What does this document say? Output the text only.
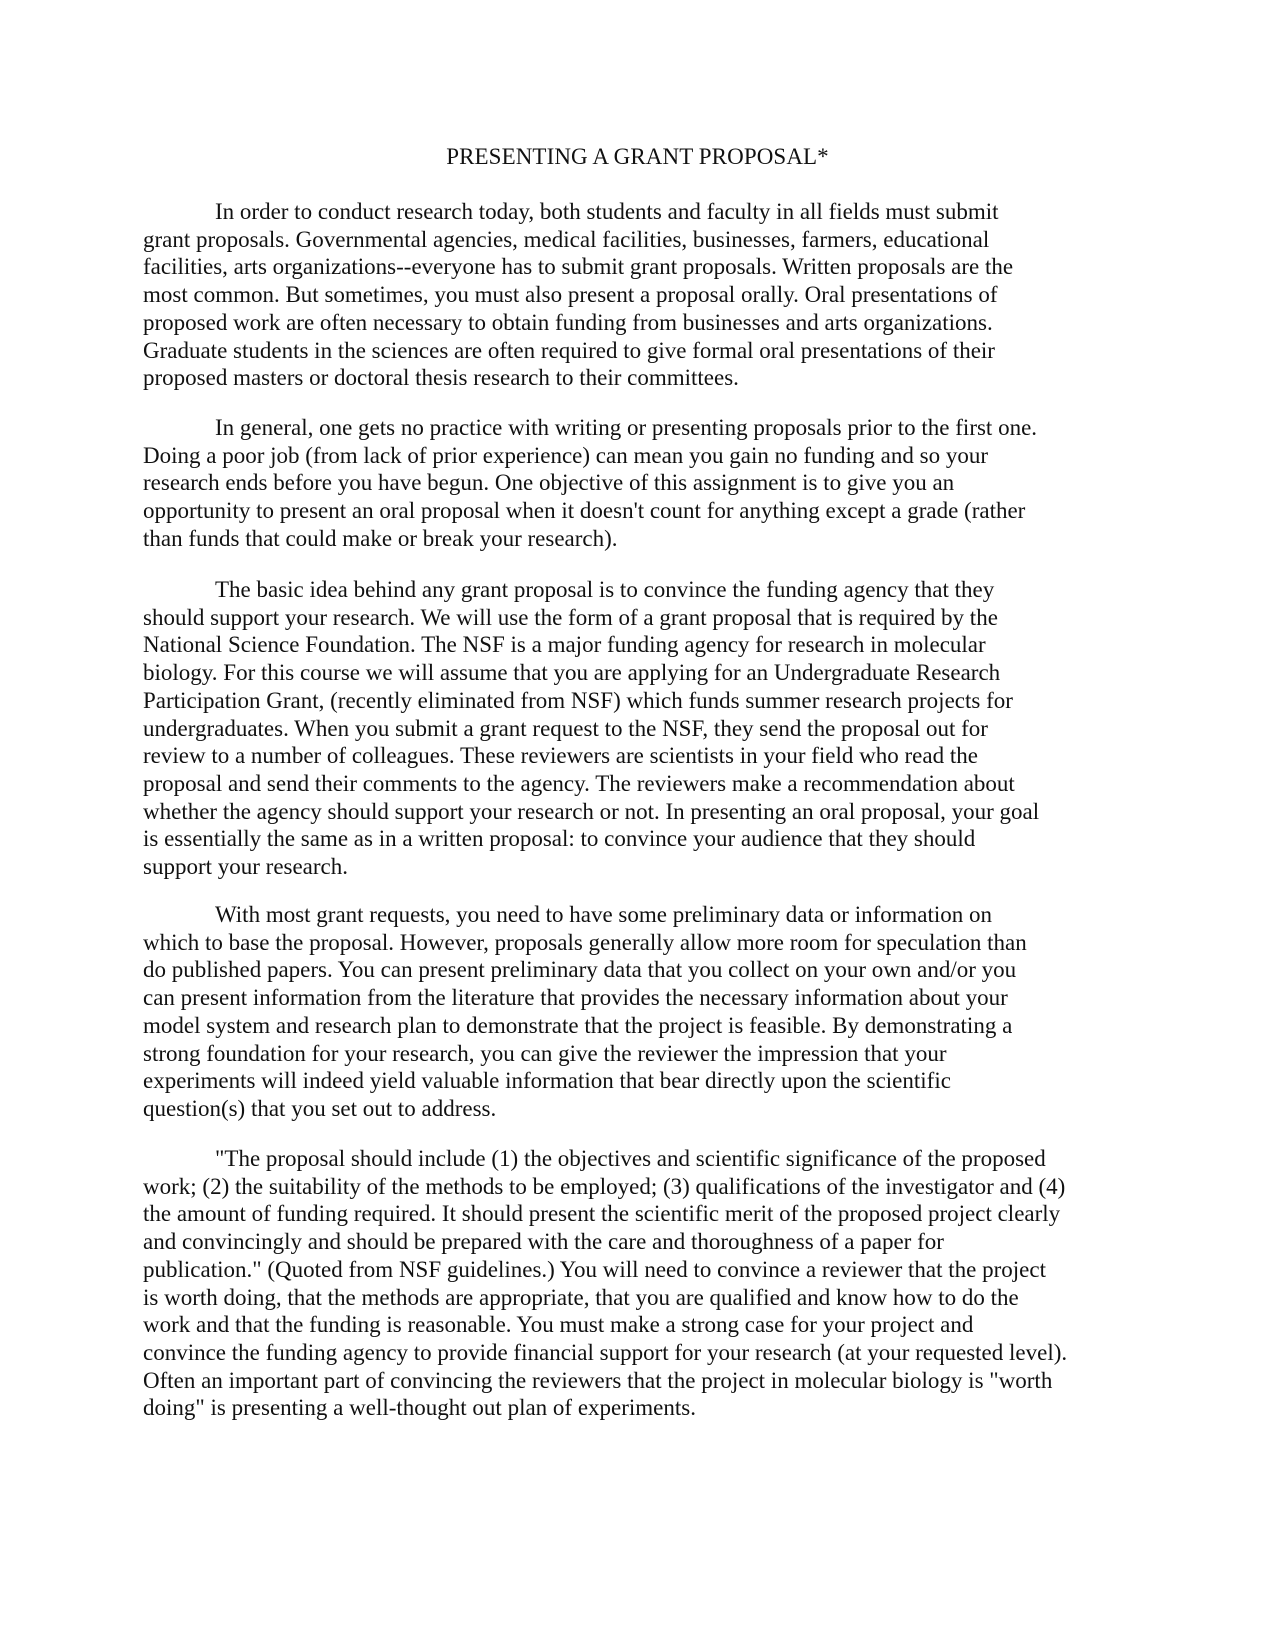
PRESENTING A GRANT PROPOSAL*

In order to conduct research today, both students and faculty in all fields must submit
grant proposals. Governmental agencies, medical facilities, businesses, farmers, educational
facilities, arts organizations--everyone has to submit grant proposals. Written proposals are the
most common. But sometimes, you must also present a proposal orally. Oral presentations of
proposed work are often necessary to obtain funding from businesses and arts organizations.
Graduate students in the sciences are often required to give formal oral presentations of their
proposed masters or doctoral thesis research to their committees.

In general, one gets no practice with writing or presenting proposals prior to the first one.
Doing a poor job (from lack of prior experience) can mean you gain no funding and so your
research ends before you have begun. One objective of this assignment is to give you an
opportunity to present an oral proposal when it doesn't count for anything except a grade (rather
than funds that could make or break your research).

The basic idea behind any grant proposal is to convince the funding agency that they
should support your research. We will use the form of a grant proposal that is required by the
National Science Foundation. The NSF is a major funding agency for research in molecular
biology. For this course we will assume that you are applying for an Undergraduate Research
Participation Grant, (recently eliminated from NSF) which funds summer research projects for
undergraduates. When you submit a grant request to the NSF, they send the proposal out for
review to a number of colleagues. These reviewers are scientists in your field who read the
proposal and send their comments to the agency. The reviewers make a recommendation about
whether the agency should support your research or not. In presenting an oral proposal, your goal
is essentially the same as in a written proposal: to convince your audience that they should
support your research.

With most grant requests, you need to have some preliminary data or information on
which to base the proposal. However, proposals generally allow more room for speculation than
do published papers. You can present preliminary data that you collect on your own and/or you
can present information from the literature that provides the necessary information about your
model system and research plan to demonstrate that the project is feasible. By demonstrating a
strong foundation for your research, you can give the reviewer the impression that your
experiments will indeed yield valuable information that bear directly upon the scientific
question(s) that you set out to address.

"The proposal should include (1) the objectives and scientific significance of the proposed
work; (2) the suitability of the methods to be employed; (3) qualifications of the investigator and (4)
the amount of funding required. It should present the scientific merit of the proposed project clearly
and convincingly and should be prepared with the care and thoroughness of a paper for
publication." (Quoted from NSF guidelines.) You will need to convince a reviewer that the project
is worth doing, that the methods are appropriate, that you are qualified and know how to do the
work and that the funding is reasonable. You must make a strong case for your project and
convince the funding agency to provide financial support for your research (at your requested level).
Often an important part of convincing the reviewers that the project in molecular biology is "worth
doing" is presenting a well-thought out plan of experiments.
